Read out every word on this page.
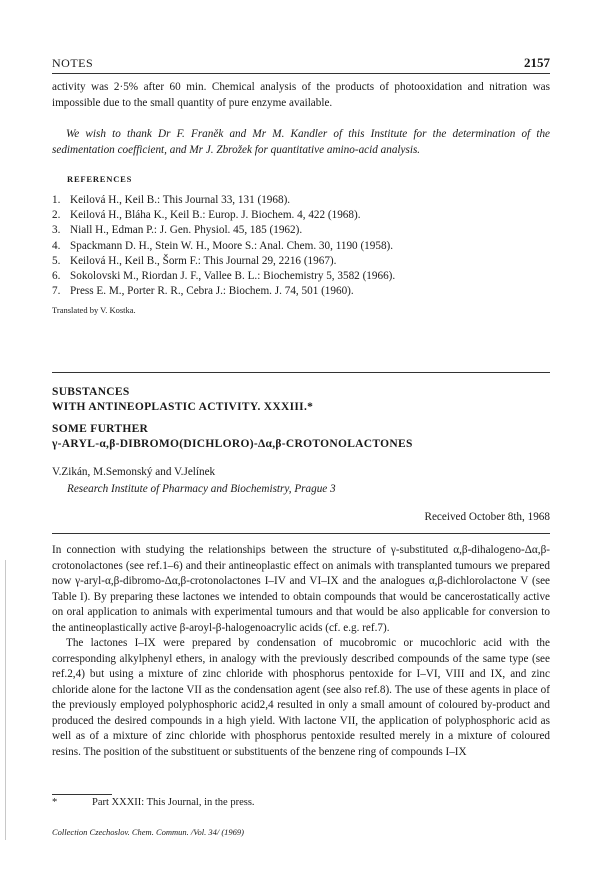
NOTES	2157

activity was 2·5% after 60 min. Chemical analysis of the products of photooxidation and nitration was impossible due to the small quantity of pure enzyme available.

We wish to thank Dr F. Franěk and Mr M. Kandler of this Institute for the determination of the sedimentation coefficient, and Mr J. Zbrožek for quantitative amino-acid analysis.

REFERENCES
1. Keilová H., Keil B.: This Journal 33, 131 (1968).
2. Keilová H., Bláha K., Keil B.: Europ. J. Biochem. 4, 422 (1968).
3. Niall H., Edman P.: J. Gen. Physiol. 45, 185 (1962).
4. Spackmann D. H., Stein W. H., Moore S.: Anal. Chem. 30, 1190 (1958).
5. Keilová H., Keil B., Šorm F.: This Journal 29, 2216 (1967).
6. Sokolovski M., Riordan J. F., Vallee B. L.: Biochemistry 5, 3582 (1966).
7. Press E. M., Porter R. R., Cebra J.: Biochem. J. 74, 501 (1960).
Translated by V. Kostka.
SUBSTANCES
WITH ANTINEOPLASTIC ACTIVITY. XXXIII.*
SOME FURTHER
γ-ARYL-α,β-DIBROMO(DICHLORO)-Δα,β-CROTONOLACTONES
V.Zikán, M.Semonský and V.Jelínek
Research Institute of Pharmacy and Biochemistry, Prague 3
Received October 8th, 1968

In connection with studying the relationships between the structure of γ-substituted α,β-dihalogeno-Δα,β-crotonolactones (see ref.1–6) and their antineoplastic effect on animals with transplanted tumours we prepared now γ-aryl-α,β-dibromo-Δα,β-crotonolactones I–IV and VI–IX and the analogues α,β-dichlorolactone V (see Table I). By preparing these lactones we intended to obtain compounds that would be cancerostatically active on oral application to animals with experimental tumours and that would be also applicable for conversion to the antineoplastically active β-aroyl-β-halogenoacrylic acids (cf. e.g. ref.7).

The lactones I–IX were prepared by condensation of mucobromic or mucochloric acid with the corresponding alkylphenyl ethers, in analogy with the previously described compounds of the same type (see ref.2,4) but using a mixture of zinc chloride with phosphorus pentoxide for I–VI, VIII and IX, and zinc chloride alone for the lactone VII as the condensation agent (see also ref.8). The use of these agents in place of the previously employed polyphosphoric acid2,4 resulted in only a small amount of coloured by-product and produced the desired compounds in a high yield. With lactone VII, the application of polyphosphoric acid as well as of a mixture of zinc chloride with phosphorus pentoxide resulted merely in a mixture of coloured resins. The position of the substituent or substituents of the benzene ring of compounds I–IX

*	Part XXXII: This Journal, in the press.
Collection Czechoslov. Chem. Commun. /Vol. 34/ (1969)
